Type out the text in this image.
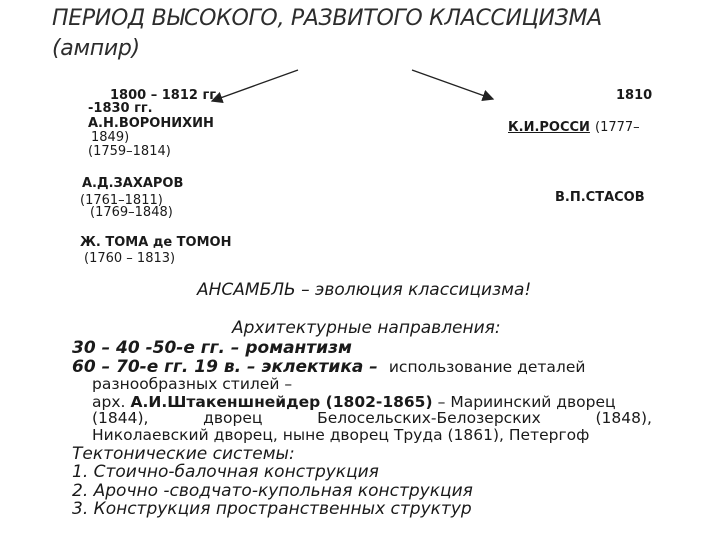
ПЕРИОД ВЫСОКОГО, РАЗВИТОГО КЛАССИЦИЗМА
(ампир)
1800 – 1812 гг.
-1830 гг.
А.Н.ВОРОНИХИН
1849)
(1759–1814)
А.Д.ЗАХАРОВ
(1761–1811)
(1769–1848)
Ж. ТОМА де ТОМОН
(1760 – 1813)
1810
К.И.РОССИ (1777–
В.П.СТАСОВ
АНСАМБЛЬ – эволюция классицизма!
Архитектурные направления:
30 – 40 -50-е гг. – романтизм
60 – 70-е гг. 19 в. – эклектика – использование деталей
разнообразных стилей –
арх. А.И.Штакеншнейдер (1802-1865) – Мариинский дворец
(1844),	дворец	Белосельских-Белозерских	(1848),
Николаевский дворец, ныне дворец Труда (1861), Петергоф
Тектонические системы:
1. Стоично-балочная конструкция
2. Арочно -сводчато-купольная конструкция
3. Конструкция пространственных структур
